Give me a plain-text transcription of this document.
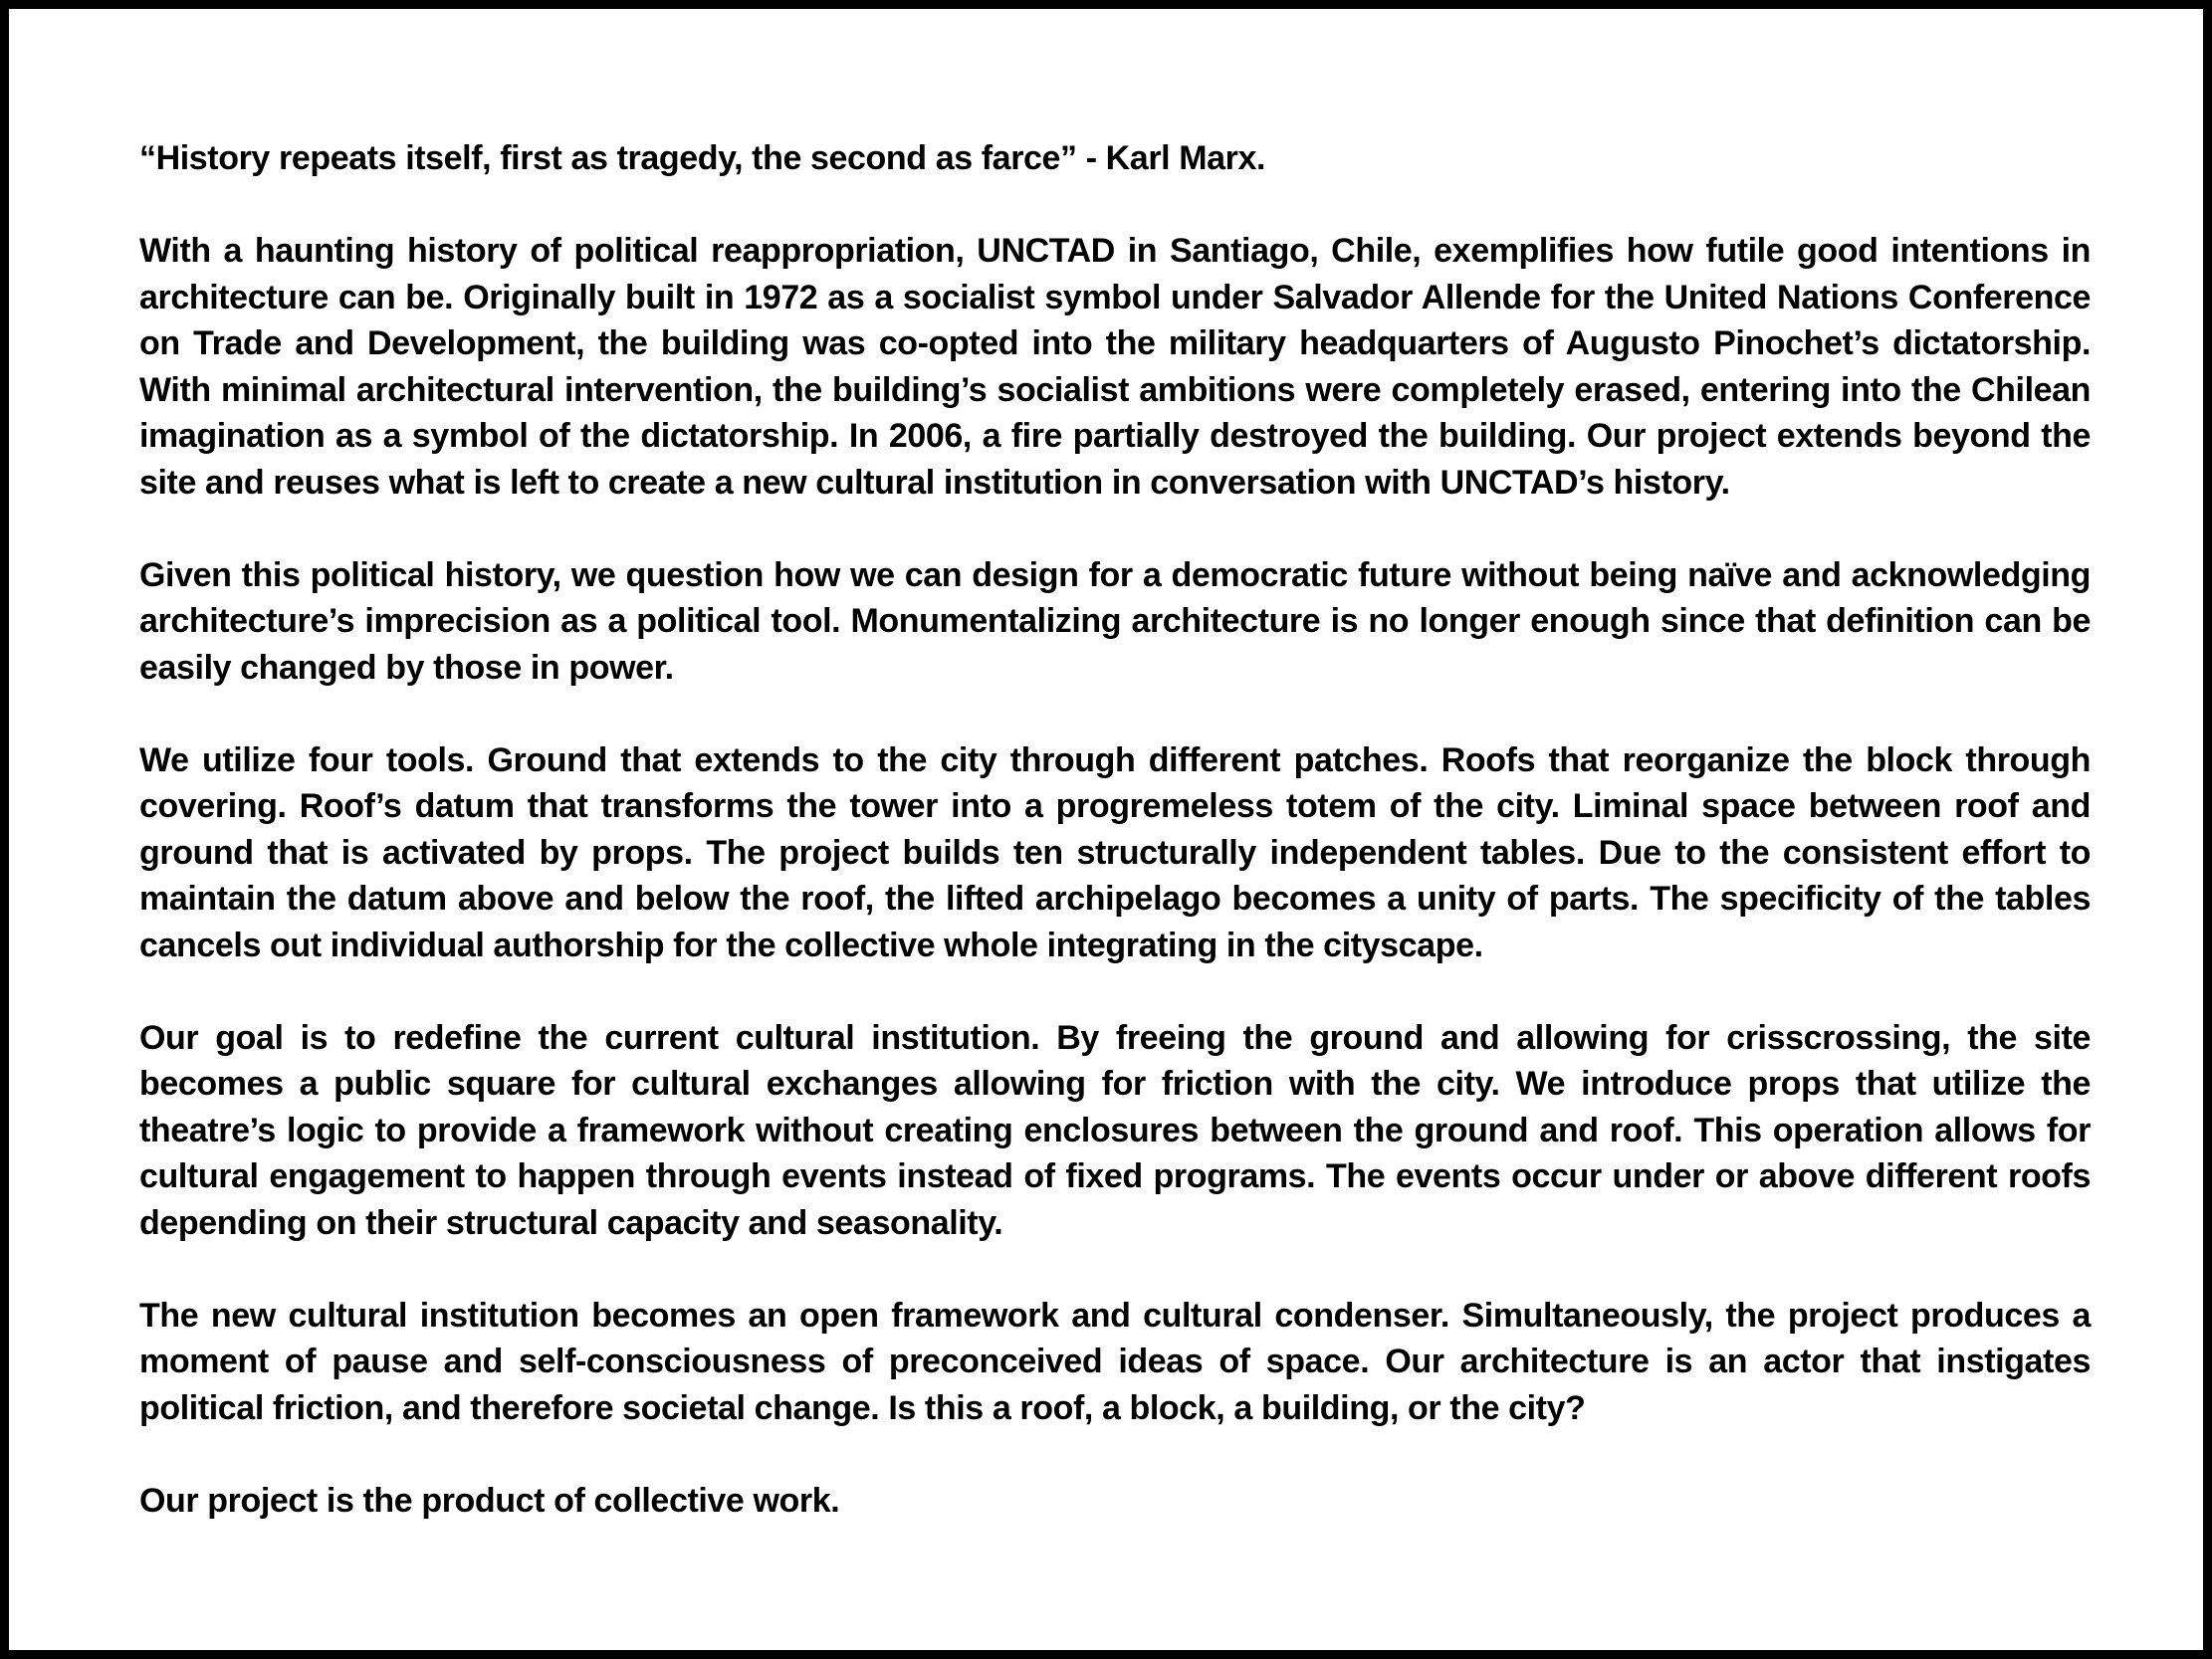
“History repeats itself, first as tragedy, the second as farce” - Karl Marx.

With a haunting history of political reappropriation, UNCTAD in Santiago, Chile, exemplifies how futile good intentions in architecture can be. Originally built in 1972 as a socialist symbol under Salvador Allende for the United Nations Conference on Trade and Development, the building was co-opted into the military headquarters of Augusto Pinochet’s dictatorship. With minimal architectural intervention, the building’s socialist ambitions were completely erased, entering into the Chilean imagination as a symbol of the dictatorship. In 2006, a fire partially destroyed the building. Our project extends beyond the site and reuses what is left to create a new cultural institution in conversation with UNCTAD’s history.

Given this political history, we question how we can design for a democratic future without being naïve and acknowledging architecture’s imprecision as a political tool. Monumentalizing architecture is no longer enough since that definition can be easily changed by those in power.

We utilize four tools. Ground that extends to the city through different patches. Roofs that reorganize the block through covering. Roof’s datum that transforms the tower into a progremeless totem of the city. Liminal space between roof and ground that is activated by props. The project builds ten structurally independent tables. Due to the consistent effort to maintain the datum above and below the roof, the lifted archipelago becomes a unity of parts. The specificity of the tables cancels out individual authorship for the collective whole integrating in the cityscape.

Our goal is to redefine the current cultural institution. By freeing the ground and allowing for crisscrossing, the site becomes a public square for cultural exchanges allowing for friction with the city. We introduce props that utilize the theatre’s logic to provide a framework without creating enclosures between the ground and roof. This operation allows for cultural engagement to happen through events instead of fixed programs. The events occur under or above different roofs depending on their structural capacity and seasonality.

The new cultural institution becomes an open framework and cultural condenser. Simultaneously, the project produces a moment of pause and self-consciousness of preconceived ideas of space. Our architecture is an actor that instigates political friction, and therefore societal change. Is this a roof, a block, a building, or the city?

Our project is the product of collective work.
